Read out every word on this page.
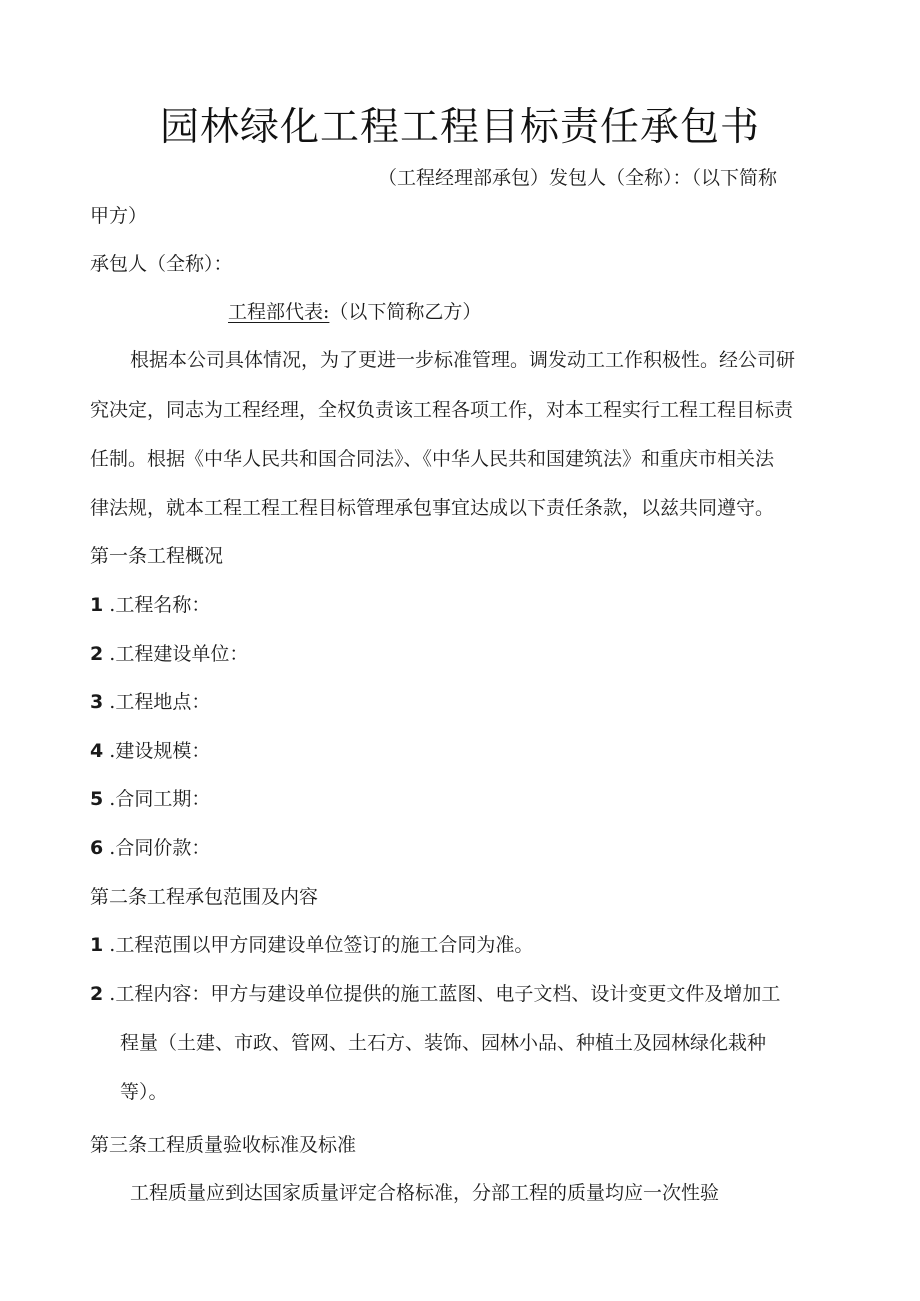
园林绿化工程工程目标责任承包书
（工程经理部承包）发包人（全称）：（以下简称
甲方）
承包人（全称）：
工程部代表:（以下简称乙方）
根据本公司具体情况，为了更进一步标准管理。调发动工工作积极性。经公司研
究决定，同志为工程经理，全权负责该工程各项工作，对本工程实行工程工程目标责
任制。根据《中华人民共和国合同法》、《中华人民共和国建筑法》和重庆市相关法
律法规，就本工程工程工程目标管理承包事宜达成以下责任条款，以兹共同遵守。
第一条工程概况
1 .工程名称：
2 .工程建设单位：
3 .工程地点：
4 .建设规模：
5 .合同工期：
6 .合同价款：
第二条工程承包范围及内容
1 .工程范围以甲方同建设单位签订的施工合同为准。
2 .工程内容：甲方与建设单位提供的施工蓝图、电子文档、设计变更文件及增加工
程量（土建、市政、管网、土石方、装饰、园林小品、种植土及园林绿化栽种
等）。
第三条工程质量验收标准及标准
工程质量应到达国家质量评定合格标准，分部工程的质量均应一次性验
